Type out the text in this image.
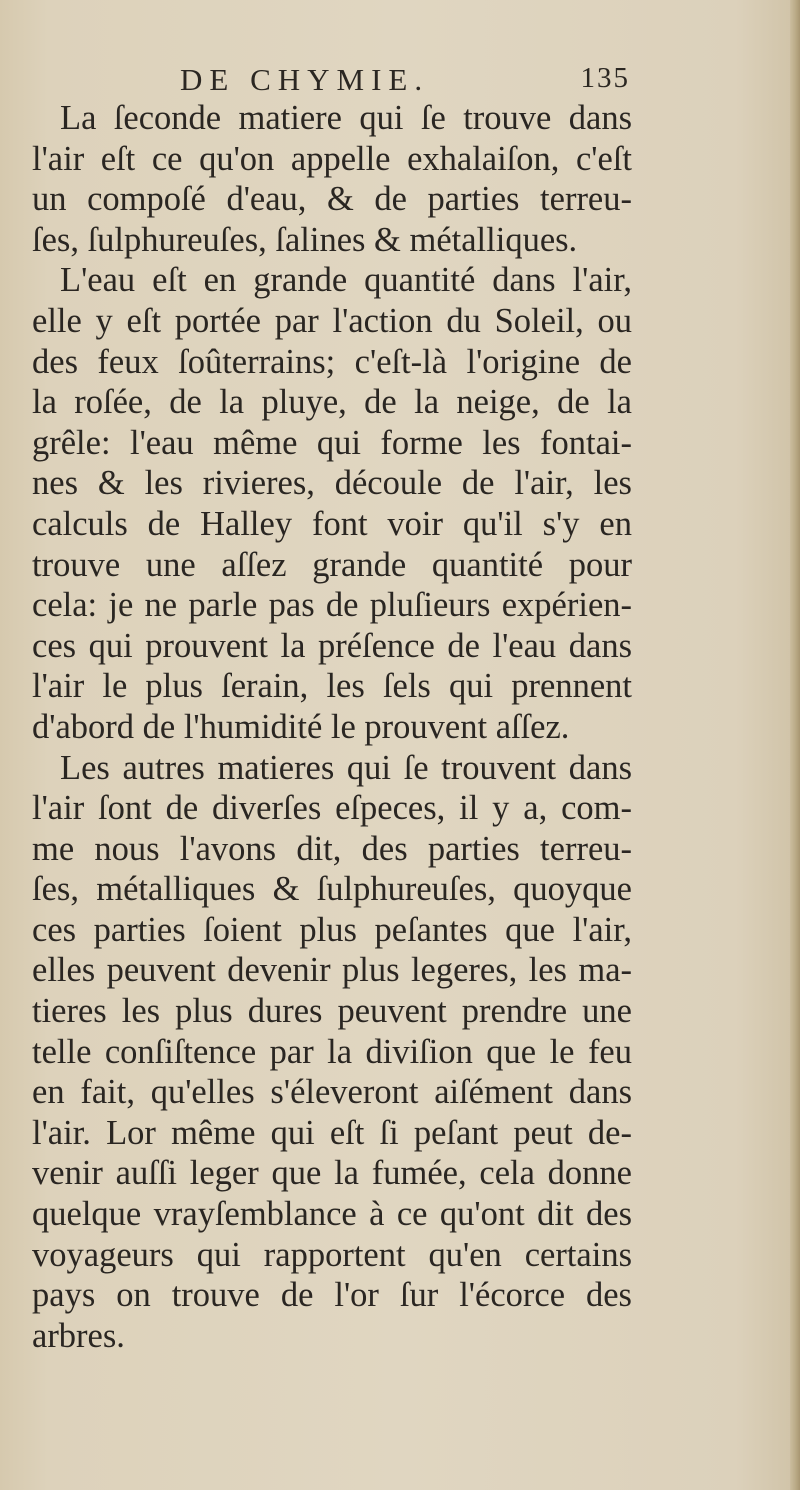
DE CHYMIE.	135
La ſeconde matiere qui ſe trouve dans
l'air eſt ce qu'on appelle exhalaiſon, c'eſt
un compoſé d'eau, & de parties terreu-
ſes, ſulphureuſes, ſalines & métalliques.
L'eau eſt en grande quantité dans l'air,
elle y eſt portée par l'action du Soleil, ou
des feux ſoûterrains; c'eſt-là l'origine de
la roſée, de la pluye, de la neige, de la
grêle: l'eau même qui forme les fontai-
nes & les rivieres, découle de l'air, les
calculs de Halley font voir qu'il s'y en
trouve une aſſez grande quantité pour
cela: je ne parle pas de pluſieurs expérien-
ces qui prouvent la préſence de l'eau dans
l'air le plus ſerain, les ſels qui prennent
d'abord de l'humidité le prouvent aſſez.
Les autres matieres qui ſe trouvent dans
l'air ſont de diverſes eſpeces, il y a, com-
me nous l'avons dit, des parties terreu-
ſes, métalliques & ſulphureuſes, quoyque
ces parties ſoient plus peſantes que l'air,
elles peuvent devenir plus legeres, les ma-
tieres les plus dures peuvent prendre une
telle conſiſtence par la diviſion que le feu
en fait, qu'elles s'éleveront aiſément dans
l'air. Lor même qui eſt ſi peſant peut de-
venir auſſi leger que la fumée, cela donne
quelque vrayſemblance à ce qu'ont dit des
voyageurs qui rapportent qu'en certains
pays on trouve de l'or ſur l'écorce des
arbres.
